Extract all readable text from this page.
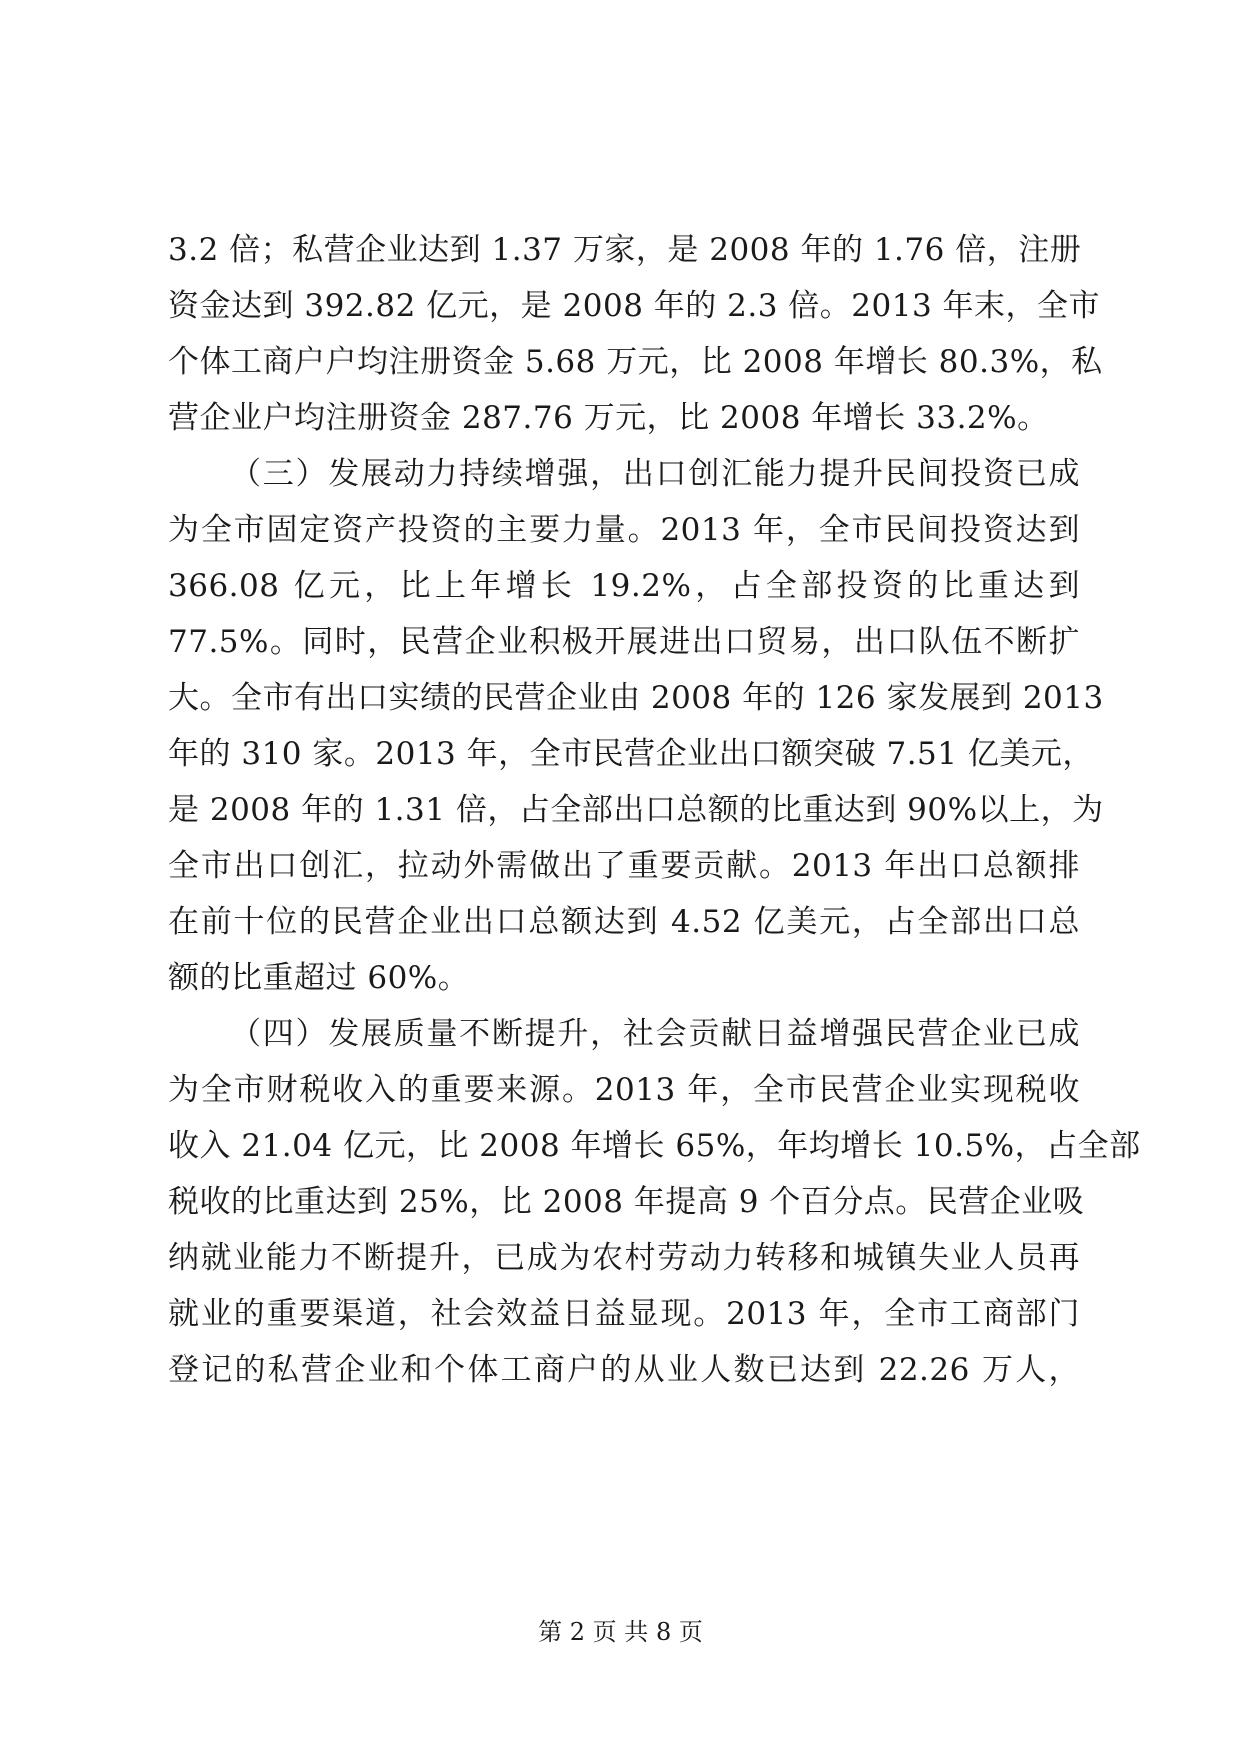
3.2 倍；私营企业达到 1.37 万家，是 2008 年的 1.76 倍，注册
资金达到 392.82 亿元，是 2008 年的 2.3 倍。2013 年末，全市
个体工商户户均注册资金 5.68 万元，比 2008 年增长 80.3%，私
营企业户均注册资金 287.76 万元，比 2008 年增长 33.2%。
（三）发展动力持续增强，出口创汇能力提升民间投资已成
为全市固定资产投资的主要力量。2013 年，全市民间投资达到
366.08 亿元，比上年增长 19.2%，占全部投资的比重达到
77.5%。同时，民营企业积极开展进出口贸易，出口队伍不断扩
大。全市有出口实绩的民营企业由 2008 年的 126 家发展到 2013
年的 310 家。2013 年，全市民营企业出口额突破 7.51 亿美元，
是 2008 年的 1.31 倍，占全部出口总额的比重达到 90%以上，为
全市出口创汇，拉动外需做出了重要贡献。2013 年出口总额排
在前十位的民营企业出口总额达到 4.52 亿美元，占全部出口总
额的比重超过 60%。
（四）发展质量不断提升，社会贡献日益增强民营企业已成
为全市财税收入的重要来源。2013 年，全市民营企业实现税收
收入 21.04 亿元，比 2008 年增长 65%，年均增长 10.5%，占全部
税收的比重达到 25%，比 2008 年提高 9 个百分点。民营企业吸
纳就业能力不断提升，已成为农村劳动力转移和城镇失业人员再
就业的重要渠道，社会效益日益显现。2013 年，全市工商部门
登记的私营企业和个体工商户的从业人数已达到 22.26 万人，
第 2 页 共 8 页
